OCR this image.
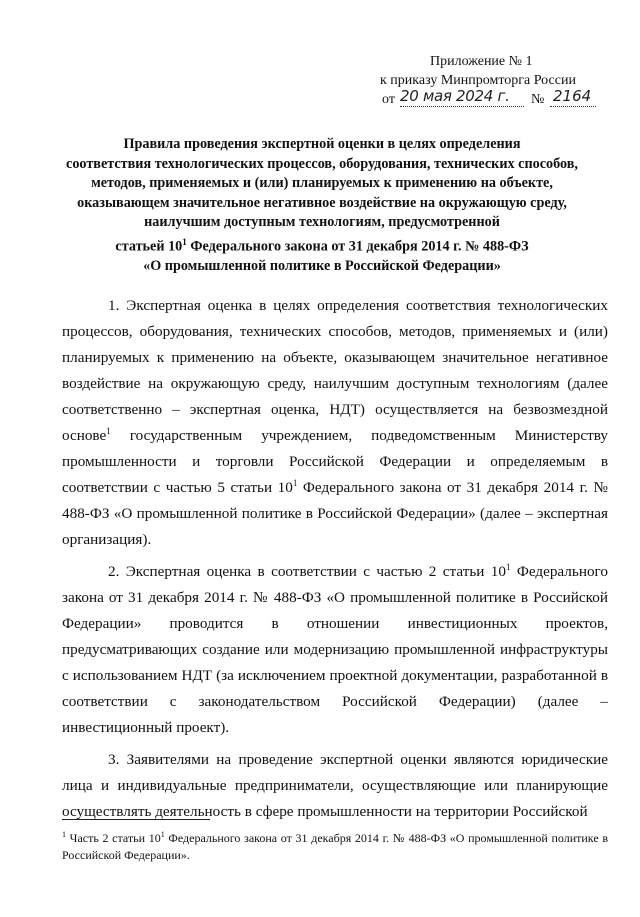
Приложение № 1
к приказу Минпромторга России
от 20 мая 2024 г. № 2164
Правила проведения экспертной оценки в целях определения
соответствия технологических процессов, оборудования, технических способов,
методов, применяемых и (или) планируемых к применению на объекте,
оказывающем значительное негативное воздействие на окружающую среду,
наилучшим доступным технологиям, предусмотренной
статьей $10^1$ Федерального закона от 31 декабря 2014 г. № 488-ФЗ
«О промышленной политике в Российской Федерации»

1. Экспертная оценка в целях определения соответствия технологических процессов, оборудования, технических способов, методов, применяемых и (или) планируемых к применению на объекте, оказывающем значительное негативное воздействие на окружающую среду, наилучшим доступным технологиям (далее соответственно – экспертная оценка, НДТ) осуществляется на безвозмездной основе$^1$ государственным учреждением, подведомственным Министерству промышленности и торговли Российской Федерации и определяемым в соответствии с частью 5 статьи $10^1$ Федерального закона от 31 декабря 2014 г. № 488-ФЗ «О промышленной политике в Российской Федерации» (далее – экспертная организация).

2. Экспертная оценка в соответствии с частью 2 статьи $10^1$ Федерального закона от 31 декабря 2014 г. № 488-ФЗ «О промышленной политике в Российской Федерации» проводится в отношении инвестиционных проектов, предусматривающих создание или модернизацию промышленной инфраструктуры с использованием НДТ (за исключением проектной документации, разработанной в соответствии с законодательством Российской Федерации) (далее – инвестиционный проект).

3. Заявителями на проведение экспертной оценки являются юридические лица и индивидуальные предприниматели, осуществляющие или планирующие осуществлять деятельность в сфере промышленности на территории Российской

$^1$ Часть 2 статьи $10^1$ Федерального закона от 31 декабря 2014 г. № 488-ФЗ «О промышленной политике в Российской Федерации».
